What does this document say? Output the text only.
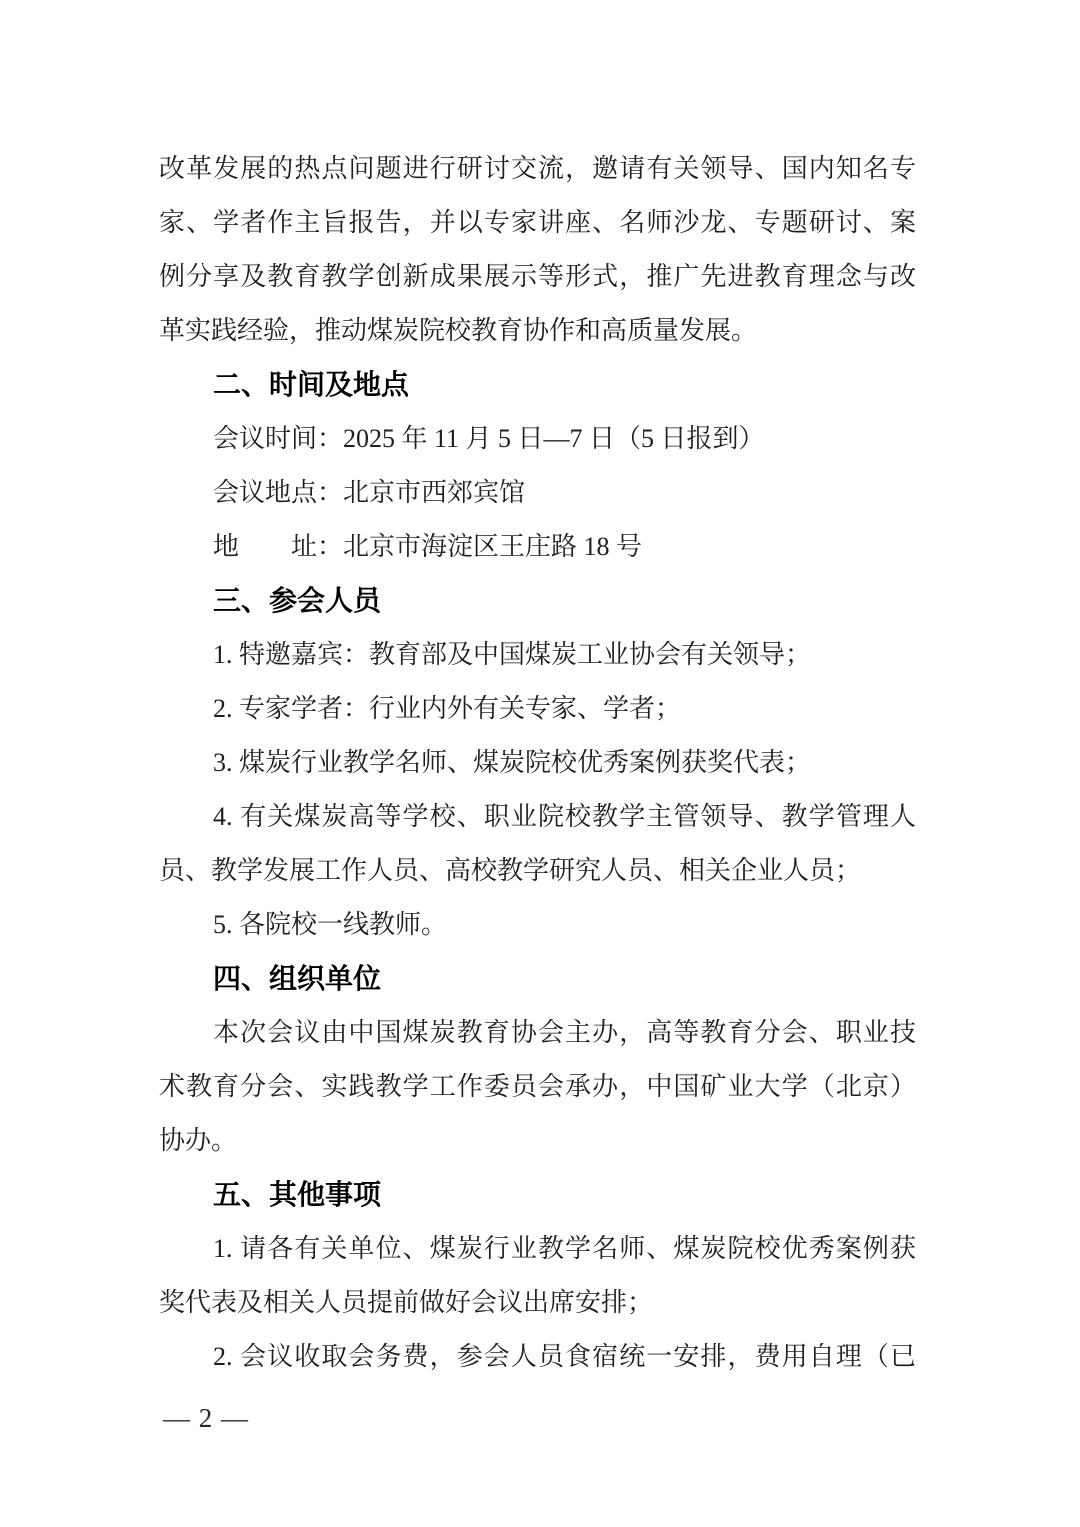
改革发展的热点问题进行研讨交流，邀请有关领导、国内知名专
家、学者作主旨报告，并以专家讲座、名师沙龙、专题研讨、案
例分享及教育教学创新成果展示等形式，推广先进教育理念与改
革实践经验，推动煤炭院校教育协作和高质量发展。
二、时间及地点
会议时间：2025 年 11 月 5 日—7 日（5 日报到）
会议地点：北京市西郊宾馆
地　　址：北京市海淀区王庄路 18 号
三、参会人员
1. 特邀嘉宾：教育部及中国煤炭工业协会有关领导；
2. 专家学者：行业内外有关专家、学者；
3. 煤炭行业教学名师、煤炭院校优秀案例获奖代表；
4. 有关煤炭高等学校、职业院校教学主管领导、教学管理人
员、教学发展工作人员、高校教学研究人员、相关企业人员；
5. 各院校一线教师。
四、组织单位
本次会议由中国煤炭教育协会主办，高等教育分会、职业技
术教育分会、实践教学工作委员会承办，中国矿业大学（北京）
协办。
五、其他事项
1. 请各有关单位、煤炭行业教学名师、煤炭院校优秀案例获
奖代表及相关人员提前做好会议出席安排；
2. 会议收取会务费，参会人员食宿统一安排，费用自理（已
— 2 —
